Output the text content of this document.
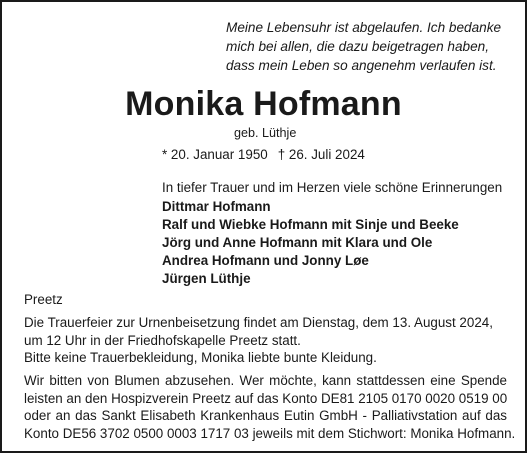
Meine Lebensuhr ist abgelaufen. Ich bedanke
mich bei allen, die dazu beigetragen haben,
dass mein Leben so angenehm verlaufen ist.
Monika Hofmann
geb. Lüthje
* 20. Januar 1950 † 26. Juli 2024
In tiefer Trauer und im Herzen viele schöne Erinnerungen
Dittmar Hofmann
Ralf und Wiebke Hofmann mit Sinje und Beeke
Jörg und Anne Hofmann mit Klara und Ole
Andrea Hofmann und Jonny Løe
Jürgen Lüthje
Preetz
Die Trauerfeier zur Urnenbeisetzung findet am Dienstag, dem 13. August 2024,
um 12 Uhr in der Friedhofskapelle Preetz statt.
Bitte keine Trauerbekleidung, Monika liebte bunte Kleidung.
Wir bitten von Blumen abzusehen. Wer möchte, kann stattdessen eine Spende
leisten an den Hospizverein Preetz auf das Konto DE81 2105 0170 0020 0519 00
oder an das Sankt Elisabeth Krankenhaus Eutin GmbH - Palliativstation auf das
Konto DE56 3702 0500 0003 1717 03 jeweils mit dem Stichwort: Monika Hofmann.
